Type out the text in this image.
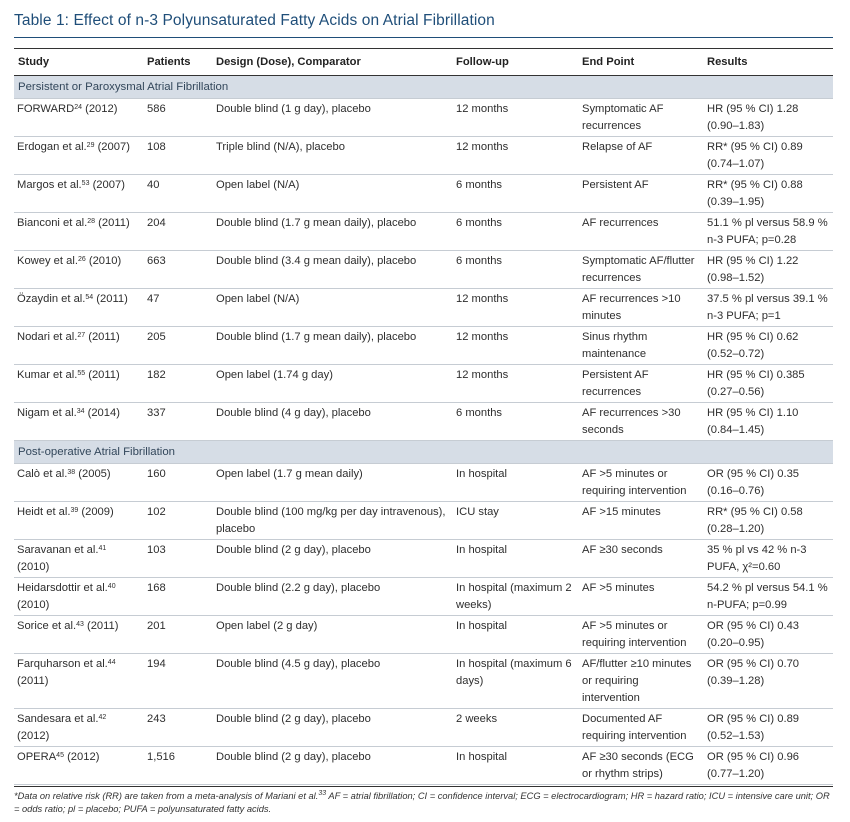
Table 1: Effect of n-3 Polyunsaturated Fatty Acids on Atrial Fibrillation
Study	Patients	Design (Dose), Comparator	Follow-up	End Point	Results
Persistent or Paroxysmal Atrial Fibrillation					
FORWARD$^{24}$ (2012)	586	Double blind (1 g day), placebo	12 months	Symptomatic AF recurrences	HR (95 % CI) 1.28 (0.90–1.83)
Erdogan et al.$^{29}$ (2007)	108	Triple blind (N/A), placebo	12 months	Relapse of AF	RR* (95 % CI) 0.89 (0.74–1.07)
Margos et al.$^{53}$ (2007)	40	Open label (N/A)	6 months	Persistent AF	RR* (95 % CI) 0.88 (0.39–1.95)
Bianconi et al.$^{28}$ (2011)	204	Double blind (1.7 g mean daily), placebo	6 months	AF recurrences	51.1 % pl versus 58.9 % n-3 PUFA; p=0.28
Kowey et al.$^{26}$ (2010)	663	Double blind (3.4 g mean daily), placebo	6 months	Symptomatic AF/flutter recurrences	HR (95 % CI) 1.22 (0.98–1.52)
Özaydin et al.$^{54}$ (2011)	47	Open label (N/A)	12 months	AF recurrences >10 minutes	37.5 % pl versus 39.1 % n-3 PUFA; p=1
Nodari et al.$^{27}$ (2011)	205	Double blind (1.7 g mean daily), placebo	12 months	Sinus rhythm maintenance	HR (95 % CI) 0.62 (0.52–0.72)
Kumar et al.$^{55}$ (2011)	182	Open label (1.74 g day)	12 months	Persistent AF recurrences	HR (95 % CI) 0.385 (0.27–0.56)
Nigam et al.$^{34}$ (2014)	337	Double blind (4 g day), placebo	6 months	AF recurrences >30 seconds	HR (95 % CI) 1.10 (0.84–1.45)
Post-operative Atrial Fibrillation					
Calò et al.$^{38}$ (2005)	160	Open label (1.7 g mean daily)	In hospital	AF >5 minutes or requiring intervention	OR (95 % CI) 0.35 (0.16–0.76)
Heidt et al.$^{39}$ (2009)	102	Double blind (100 mg/kg per day intravenous), placebo	ICU stay	AF >15 minutes	RR* (95 % CI) 0.58 (0.28–1.20)
Saravanan et al.$^{41}$ (2010)	103	Double blind (2 g day), placebo	In hospital	AF ≥30 seconds	35 % pl vs 42 % n-3 PUFA, χ²=0.60
Heidarsdottir et al.$^{40}$ (2010)	168	Double blind (2.2 g day), placebo	In hospital (maximum 2 weeks)	AF >5 minutes	54.2 % pl versus 54.1 % n-PUFA; p=0.99
Sorice et al.$^{43}$ (2011)	201	Open label (2 g day)	In hospital	AF >5 minutes or requiring intervention	OR (95 % CI) 0.43 (0.20–0.95)
Farquharson et al.$^{44}$ (2011)	194	Double blind (4.5 g day), placebo	In hospital (maximum 6 days)	AF/flutter ≥10 minutes or requiring intervention	OR (95 % CI) 0.70 (0.39–1.28)
Sandesara et al.$^{42}$ (2012)	243	Double blind (2 g day), placebo	2 weeks	Documented AF requiring intervention	OR (95 % CI) 0.89 (0.52–1.53)
OPERA$^{45}$ (2012)	1,516	Double blind (2 g day), placebo	In hospital	AF ≥30 seconds (ECG or rhythm strips)	OR (95 % CI) 0.96 (0.77–1.20)
*Data on relative risk (RR) are taken from a meta-analysis of Mariani et al.$^{33}$ AF = atrial fibrillation; CI = confidence interval; ECG = electrocardiogram; HR = hazard ratio; ICU = intensive care unit; OR = odds ratio; pl = placebo; PUFA = polyunsaturated fatty acids.
